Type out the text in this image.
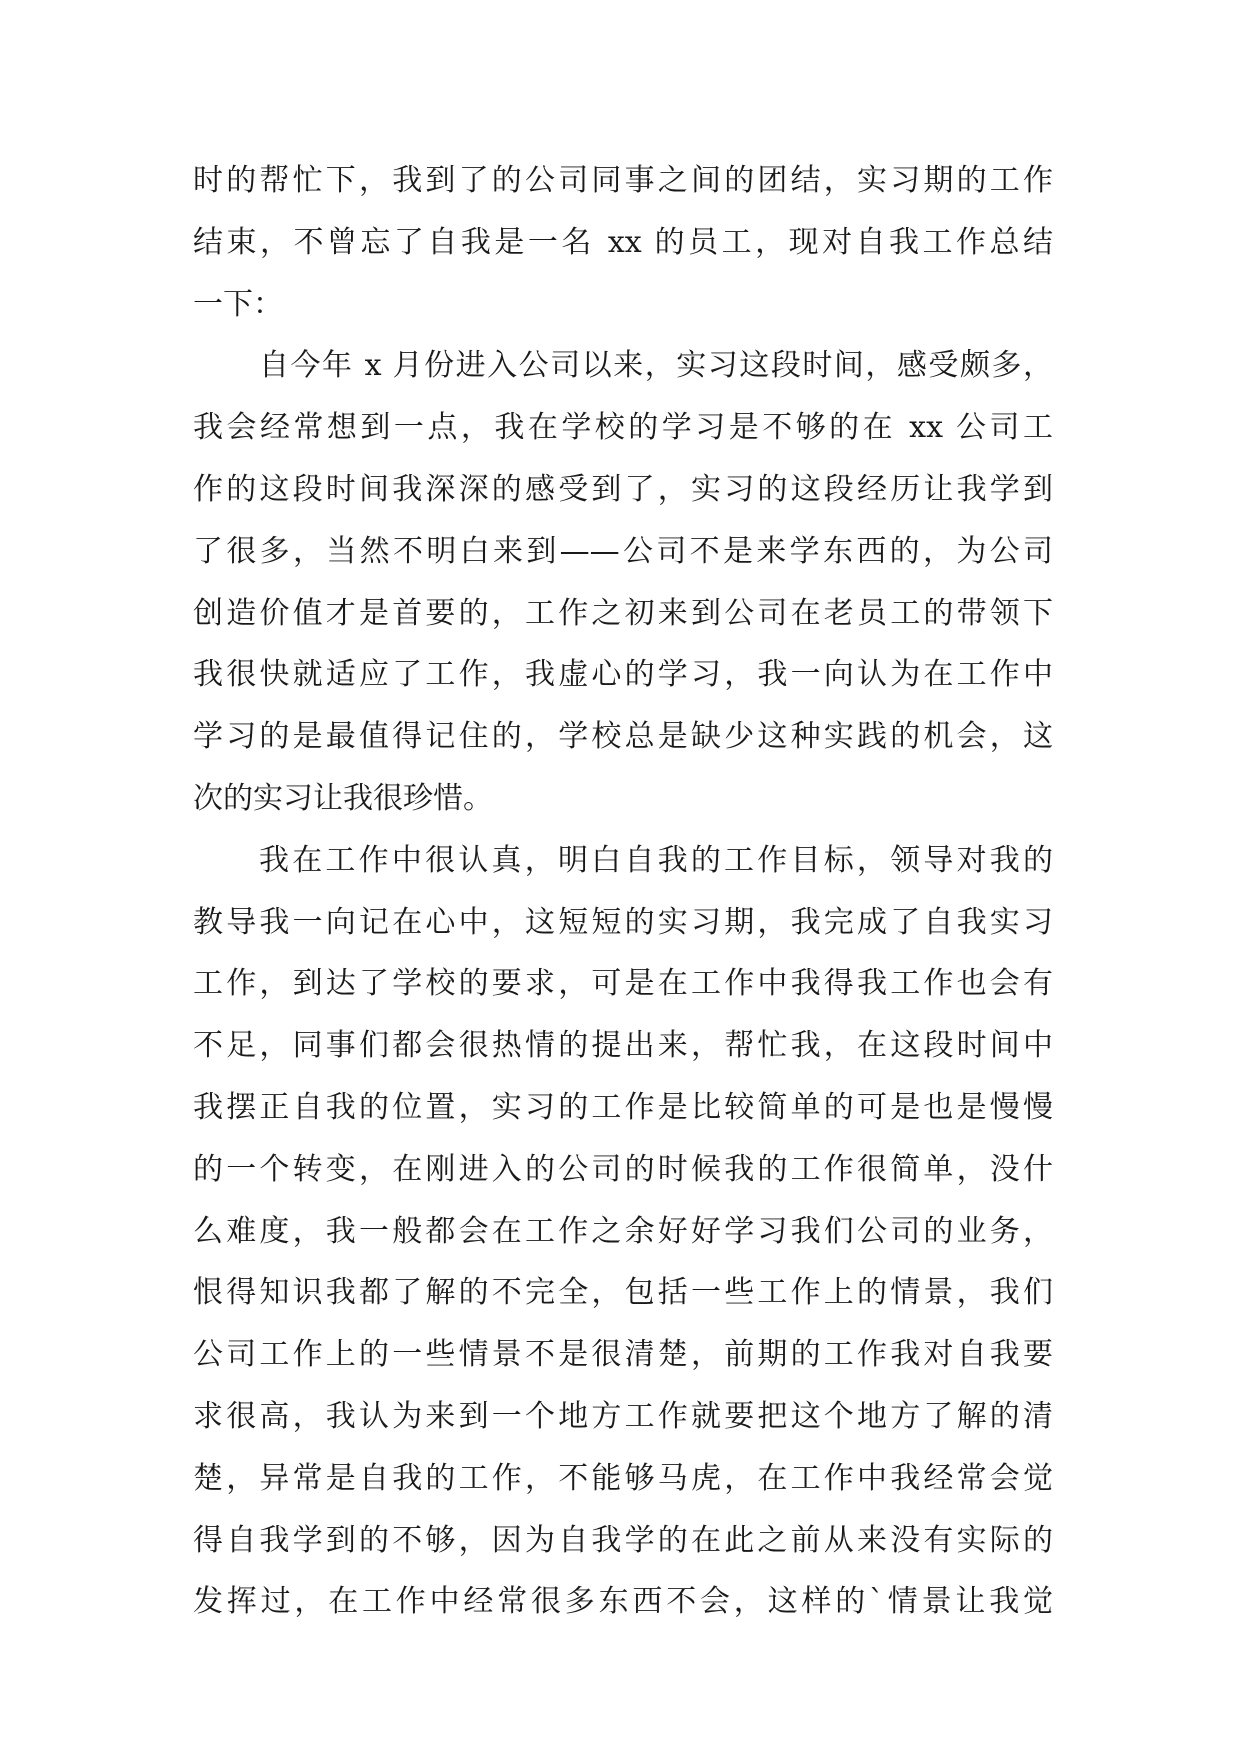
时的帮忙下，我到了的公司同事之间的团结，实习期的工作
结束，不曾忘了自我是一名 xx 的员工，现对自我工作总结
一下：
自今年 x 月份进入公司以来，实习这段时间，感受颇多，
我会经常想到一点，我在学校的学习是不够的在 xx 公司工
作的这段时间我深深的感受到了，实习的这段经历让我学到
了很多，当然不明白来到——公司不是来学东西的，为公司
创造价值才是首要的，工作之初来到公司在老员工的带领下
我很快就适应了工作，我虚心的学习，我一向认为在工作中
学习的是最值得记住的，学校总是缺少这种实践的机会，这
次的实习让我很珍惜。
我在工作中很认真，明白自我的工作目标，领导对我的
教导我一向记在心中，这短短的实习期，我完成了自我实习
工作，到达了学校的要求，可是在工作中我得我工作也会有
不足，同事们都会很热情的提出来，帮忙我，在这段时间中
我摆正自我的位置，实习的工作是比较简单的可是也是慢慢
的一个转变，在刚进入的公司的时候我的工作很简单，没什
么难度，我一般都会在工作之余好好学习我们公司的业务，
恨得知识我都了解的不完全，包括一些工作上的情景，我们
公司工作上的一些情景不是很清楚，前期的工作我对自我要
求很高，我认为来到一个地方工作就要把这个地方了解的清
楚，异常是自我的工作，不能够马虎，在工作中我经常会觉
得自我学到的不够，因为自我学的在此之前从来没有实际的
发挥过，在工作中经常很多东西不会，这样的`情景让我觉
